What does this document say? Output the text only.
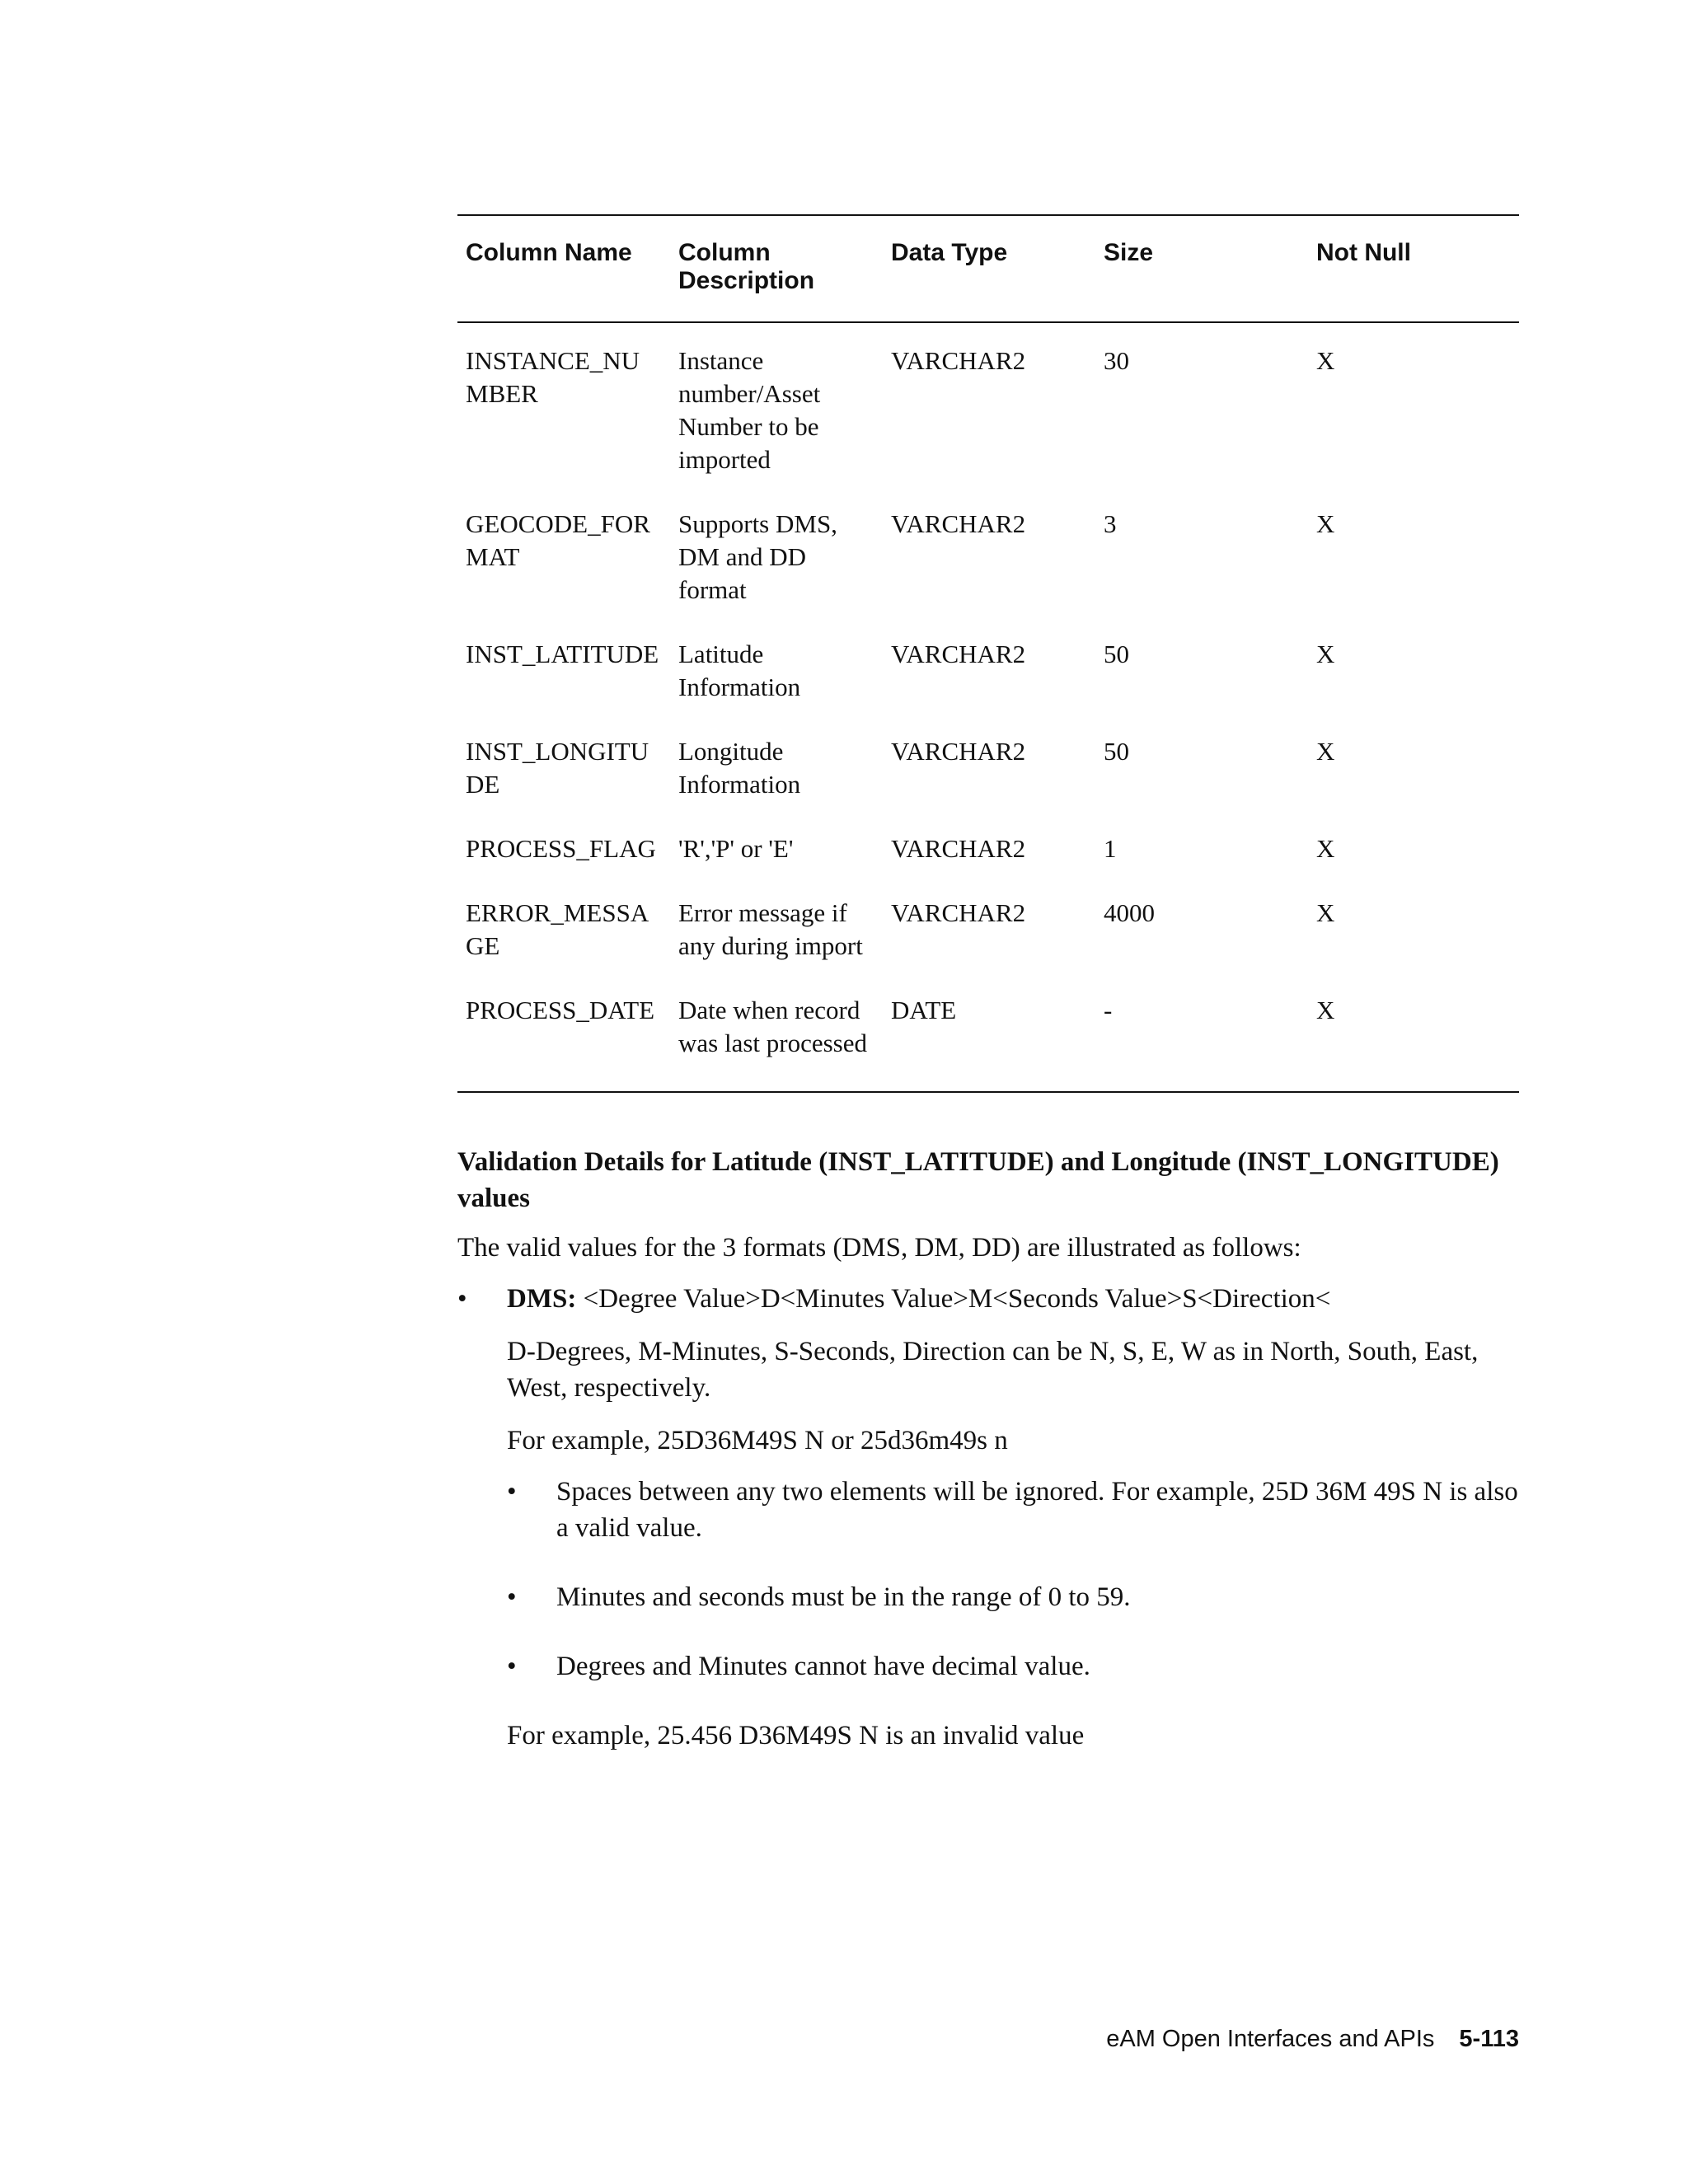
Column Name	Column Description	Data Type	Size	Not Null
INSTANCE_NUMBER	Instance number/Asset Number to be imported	VARCHAR2	30	X
GEOCODE_FORMAT	Supports DMS, DM and DD format	VARCHAR2	3	X
INST_LATITUDE	Latitude Information	VARCHAR2	50	X
INST_LONGITUDE	Longitude Information	VARCHAR2	50	X
PROCESS_FLAG	'R','P' or 'E'	VARCHAR2	1	X
ERROR_MESSAGE	Error message if any during import	VARCHAR2	4000	X
PROCESS_DATE	Date when record was last processed	DATE	-	X

Validation Details for Latitude (INST_LATITUDE) and Longitude (INST_LONGITUDE) values

The valid values for the 3 formats (DMS, DM, DD) are illustrated as follows:

• DMS: <Degree Value>D<Minutes Value>M<Seconds Value>S<Direction<

D-Degrees, M-Minutes, S-Seconds, Direction can be N, S, E, W as in North, South, East, West, respectively.

For example, 25D36M49S N or 25d36m49s n

• Spaces between any two elements will be ignored. For example, 25D 36M 49S N is also a valid value.
• Minutes and seconds must be in the range of 0 to 59.
• Degrees and Minutes cannot have decimal value.

For example, 25.456 D36M49S N is an invalid value

eAM Open Interfaces and APIs 5-113
